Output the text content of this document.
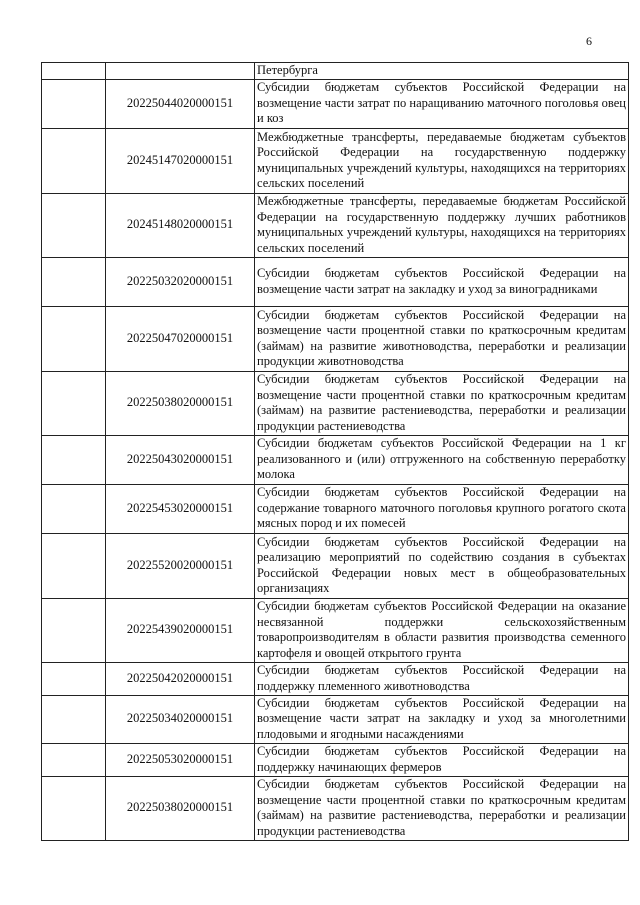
6
		Петербурга
	20225044020000151	Субсидии бюджетам субъектов Российской Федерации на возмещение части затрат по наращиванию маточного поголовья овец и коз
	20245147020000151	Межбюджетные трансферты, передаваемые бюджетам субъектов Российской Федерации на государственную поддержку муниципальных учреждений культуры, находящихся на территориях сельских поселений
	20245148020000151	Межбюджетные трансферты, передаваемые бюджетам Российской Федерации на государственную поддержку лучших работников муниципальных учреждений культуры, находящихся на территориях сельских поселений
	20225032020000151	Субсидии бюджетам субъектов Российской Федерации на возмещение части затрат на закладку и уход за виноградниками
	20225047020000151	Субсидии бюджетам субъектов Российской Федерации на возмещение части процентной ставки по краткосрочным кредитам (займам) на развитие животноводства, переработки и реализации продукции животноводства
	20225038020000151	Субсидии бюджетам субъектов Российской Федерации на возмещение части процентной ставки по краткосрочным кредитам (займам) на развитие растениеводства, переработки и реализации продукции растениеводства
	20225043020000151	Субсидии бюджетам субъектов Российской Федерации на 1 кг реализованного и (или) отгруженного на собственную переработку молока
	20225453020000151	Субсидии бюджетам субъектов Российской Федерации на содержание товарного маточного поголовья крупного рогатого скота мясных пород и их помесей
	20225520020000151	Субсидии бюджетам субъектов Российской Федерации на реализацию мероприятий по содействию создания в субъектах Российской Федерации новых мест в общеобразовательных организациях
	20225439020000151	Субсидии бюджетам субъектов Российской Федерации на оказание несвязанной поддержки сельскохозяйственным товаропроизводителям в области развития производства семенного картофеля и овощей открытого грунта
	20225042020000151	Субсидии бюджетам субъектов Российской Федерации на поддержку племенного животноводства
	20225034020000151	Субсидии бюджетам субъектов Российской Федерации на возмещение части затрат на закладку и уход за многолетними плодовыми и ягодными насаждениями
	20225053020000151	Субсидии бюджетам субъектов Российской Федерации на поддержку начинающих фермеров
	20225038020000151	Субсидии бюджетам субъектов Российской Федерации на возмещение части процентной ставки по краткосрочным кредитам (займам) на развитие растениеводства, переработки и реализации продукции растениеводства
